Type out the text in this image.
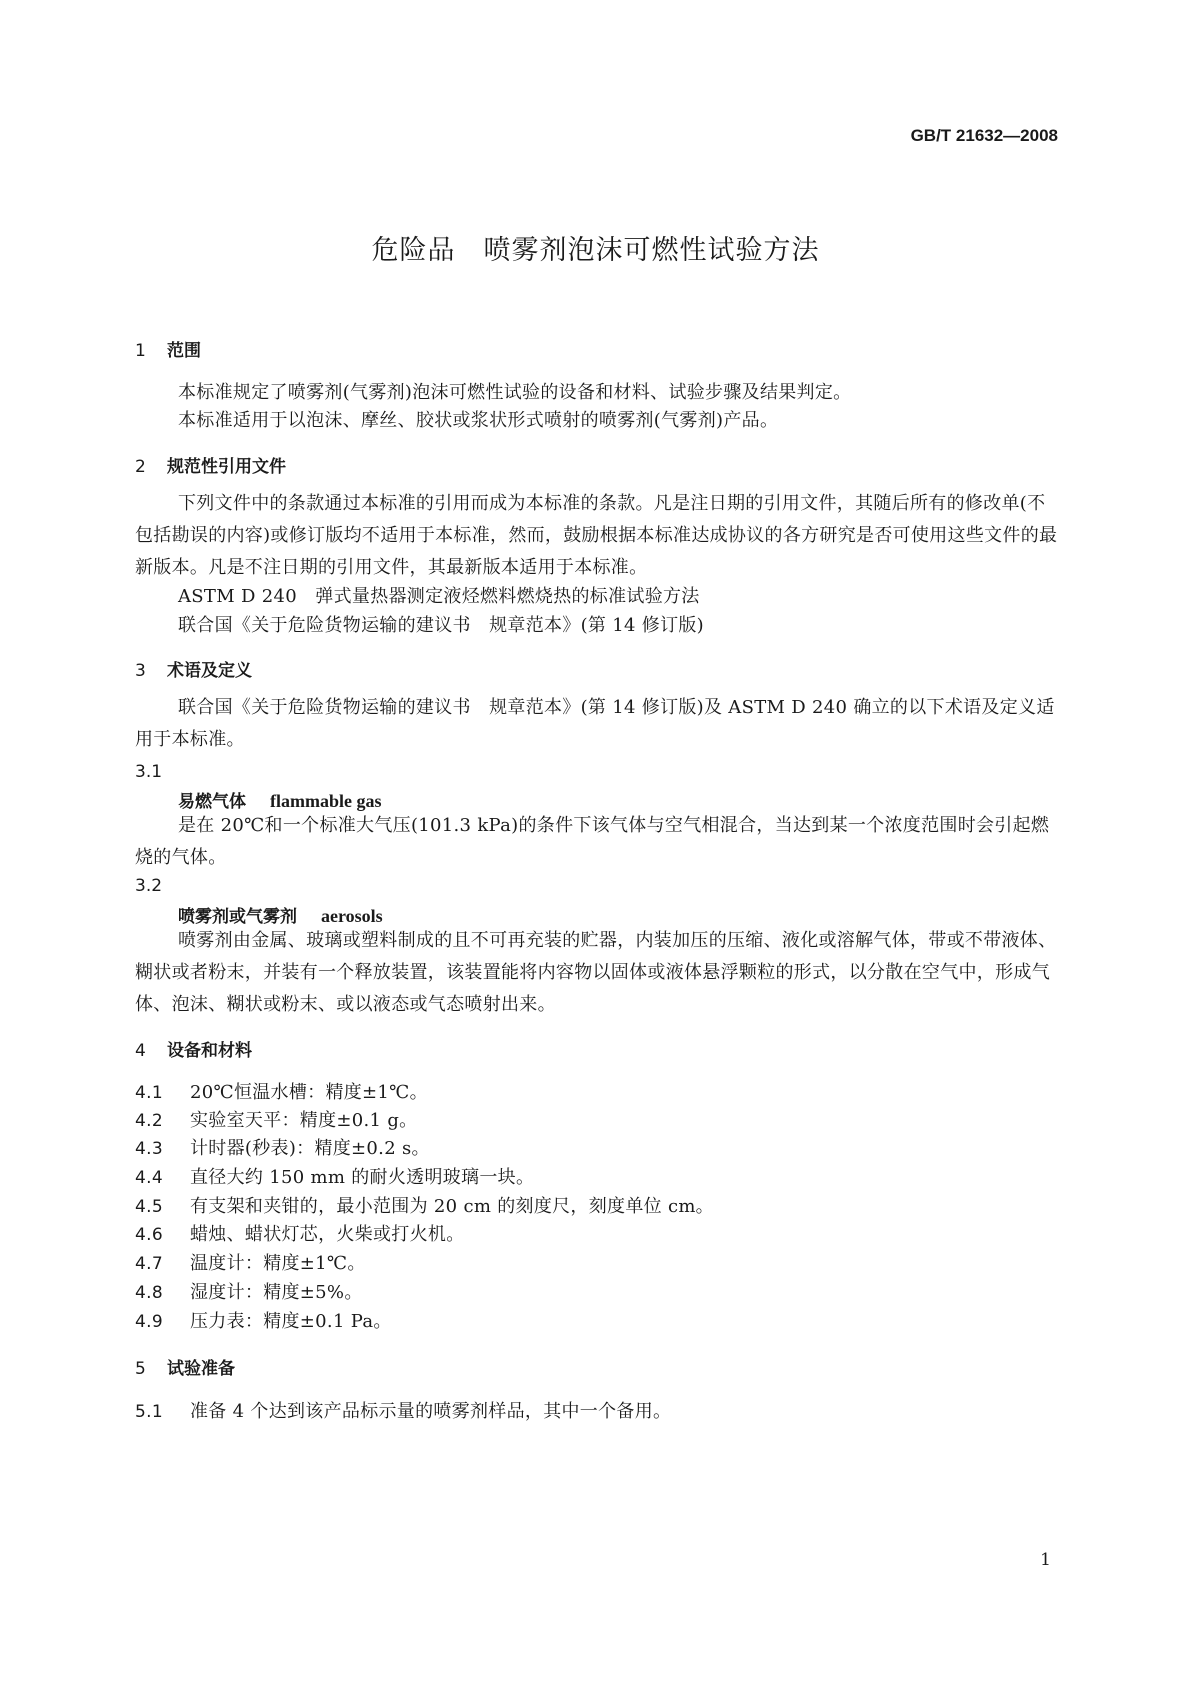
GB/T 21632—2008
危险品 喷雾剂泡沫可燃性试验方法
1 范围
本标准规定了喷雾剂(气雾剂)泡沫可燃性试验的设备和材料、试验步骤及结果判定。
本标准适用于以泡沫、摩丝、胶状或浆状形式喷射的喷雾剂(气雾剂)产品。
2 规范性引用文件
下列文件中的条款通过本标准的引用而成为本标准的条款。凡是注日期的引用文件，其随后所有的修改单(不包括勘误的内容)或修订版均不适用于本标准，然而，鼓励根据本标准达成协议的各方研究是否可使用这些文件的最新版本。凡是不注日期的引用文件，其最新版本适用于本标准。
ASTM D 240　弹式量热器测定液烃燃料燃烧热的标准试验方法
联合国《关于危险货物运输的建议书　规章范本》(第 14 修订版)
3 术语及定义
联合国《关于危险货物运输的建议书　规章范本》(第 14 修订版)及 ASTM D 240 确立的以下术语及定义适用于本标准。
3.1
易燃气体 flammable gas
是在 20℃和一个标准大气压(101.3 kPa)的条件下该气体与空气相混合，当达到某一个浓度范围时会引起燃烧的气体。
3.2
喷雾剂或气雾剂 aerosols
喷雾剂由金属、玻璃或塑料制成的且不可再充装的贮器，内装加压的压缩、液化或溶解气体，带或不带液体、糊状或者粉末，并装有一个释放装置，该装置能将内容物以固体或液体悬浮颗粒的形式，以分散在空气中，形成气体、泡沫、糊状或粉末、或以液态或气态喷射出来。
4 设备和材料
4.1 20℃恒温水槽：精度±1℃。
4.2 实验室天平：精度±0.1 g。
4.3 计时器(秒表)：精度±0.2 s。
4.4 直径大约 150 mm 的耐火透明玻璃一块。
4.5 有支架和夹钳的，最小范围为 20 cm 的刻度尺，刻度单位 cm。
4.6 蜡烛、蜡状灯芯，火柴或打火机。
4.7 温度计：精度±1℃。
4.8 湿度计：精度±5%。
4.9 压力表：精度±0.1 Pa。
5 试验准备
5.1 准备 4 个达到该产品标示量的喷雾剂样品，其中一个备用。
1
